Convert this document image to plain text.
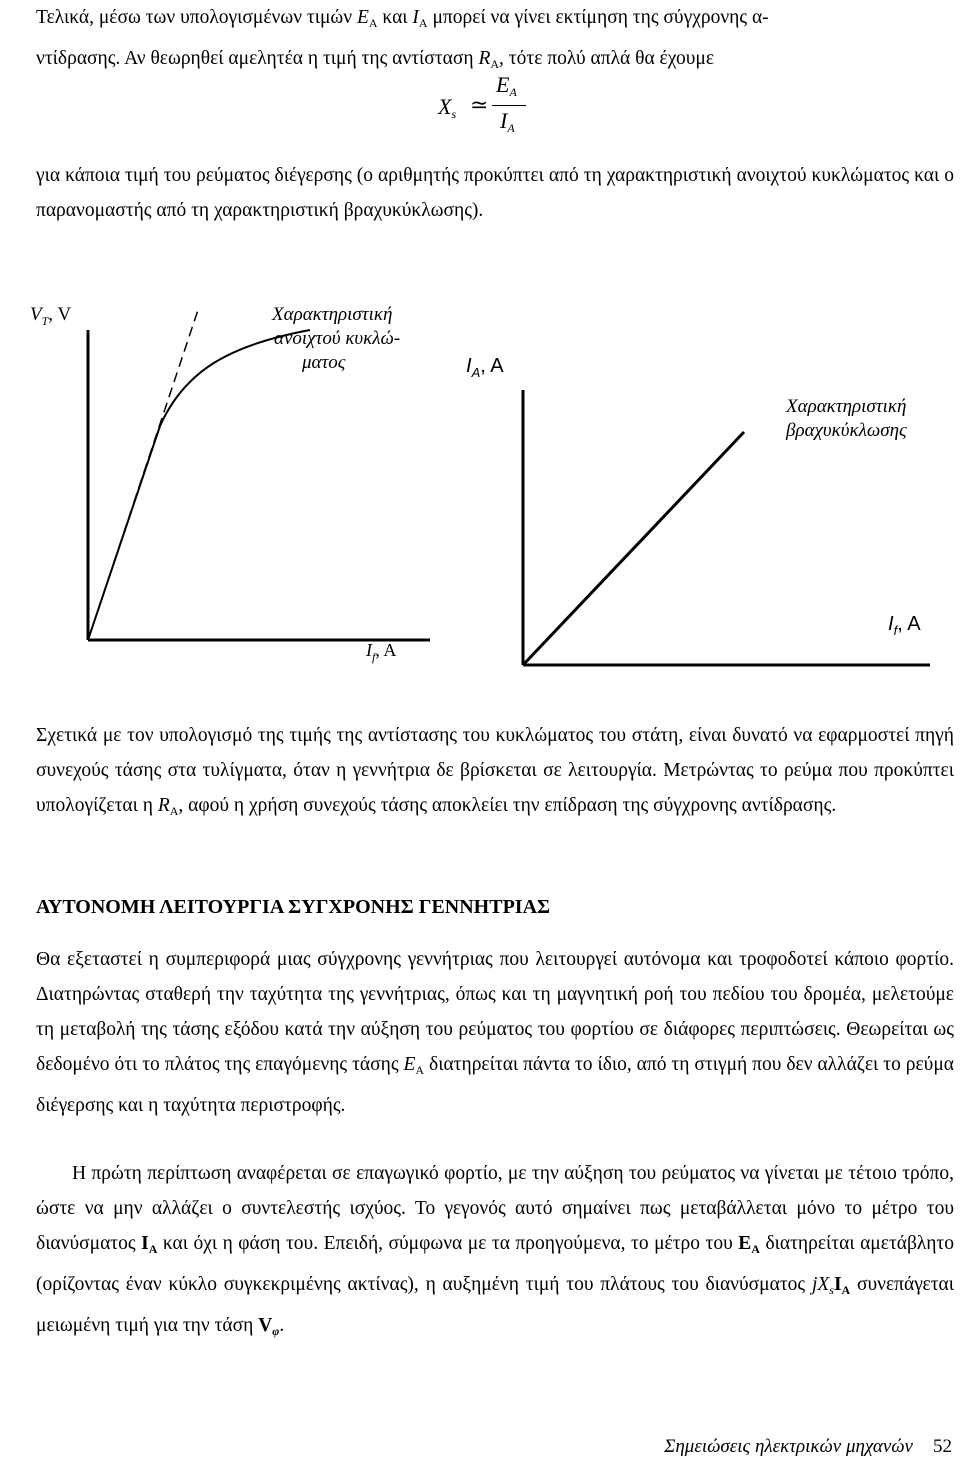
Τελικά, μέσω των υπολογισμένων τιμών $E_A$ και $I_A$ μπορεί να γίνει εκτίμηση της σύγχρονης α-
ντίδρασης. Αν θεωρηθεί αμελητέα η τιμή της αντίσταση $R_A$, τότε πολύ απλά θα έχουμε

Xs ≃
EA
IA

για κάποια τιμή του ρεύματος διέγερσης (ο αριθμητής προκύπτει από τη χαρακτηριστική ανοιχτού κυκλώματος και ο παρανομαστής από τη χαρακτηριστική βραχυκύκλωσης).

$V_T$, V	Χαρακτηριστική
ανοιχτού κυκλώ-
ματος
$I_f$, A
$I_A$, A
Χαρακτηριστική
βραχυκύκλωσης
$I_f$, A

Σχετικά με τον υπολογισμό της τιμής της αντίστασης του κυκλώματος του στάτη, είναι δυνατό να εφαρμοστεί πηγή συνεχούς τάσης στα τυλίγματα, όταν η γεννήτρια δε βρίσκεται σε λειτουργία. Μετρώντας το ρεύμα που προκύπτει υπολογίζεται η $R_A$, αφού η χρήση συνεχούς τάσης αποκλείει την επίδραση της σύγχρονης αντίδρασης.

ΑΥΤΟΝΟΜΗ ΛΕΙΤΟΥΡΓΙΑ ΣΥΓΧΡΟΝΗΣ ΓΕΝΝΗΤΡΙΑΣ

Θα εξεταστεί η συμπεριφορά μιας σύγχρονης γεννήτριας που λειτουργεί αυτόνομα και τροφοδοτεί κάποιο φορτίο. Διατηρώντας σταθερή την ταχύτητα της γεννήτριας, όπως και τη μαγνητική ροή του πεδίου του δρομέα, μελετούμε τη μεταβολή της τάσης εξόδου κατά την αύξηση του ρεύματος του φορτίου σε διάφορες περιπτώσεις. Θεωρείται ως δεδομένο ότι το πλάτος της επαγόμενης τάσης $E_A$ διατηρείται πάντα το ίδιο, από τη στιγμή που δεν αλλάζει το ρεύμα διέγερσης και η ταχύτητα περιστροφής.

Η πρώτη περίπτωση αναφέρεται σε επαγωγικό φορτίο, με την αύξηση του ρεύματος να γίνεται με τέτοιο τρόπο, ώστε να μην αλλάζει ο συντελεστής ισχύος. Το γεγονός αυτό σημαίνει πως μεταβάλλεται μόνο το μέτρο του διανύσματος $I_A$ και όχι η φάση του. Επειδή, σύμφωνα με τα προηγούμενα, το μέτρο του $E_A$ διατηρείται αμετάβλητο (ορίζοντας έναν κύκλο συγκεκριμένης ακτίνας), η αυξημένη τιμή του πλάτους του διανύσματος $jX_sI_A$ συνεπάγεται μειωμένη τιμή για την τάση $V_\varphi$.

Σημειώσεις ηλεκτρικών μηχανών 52
